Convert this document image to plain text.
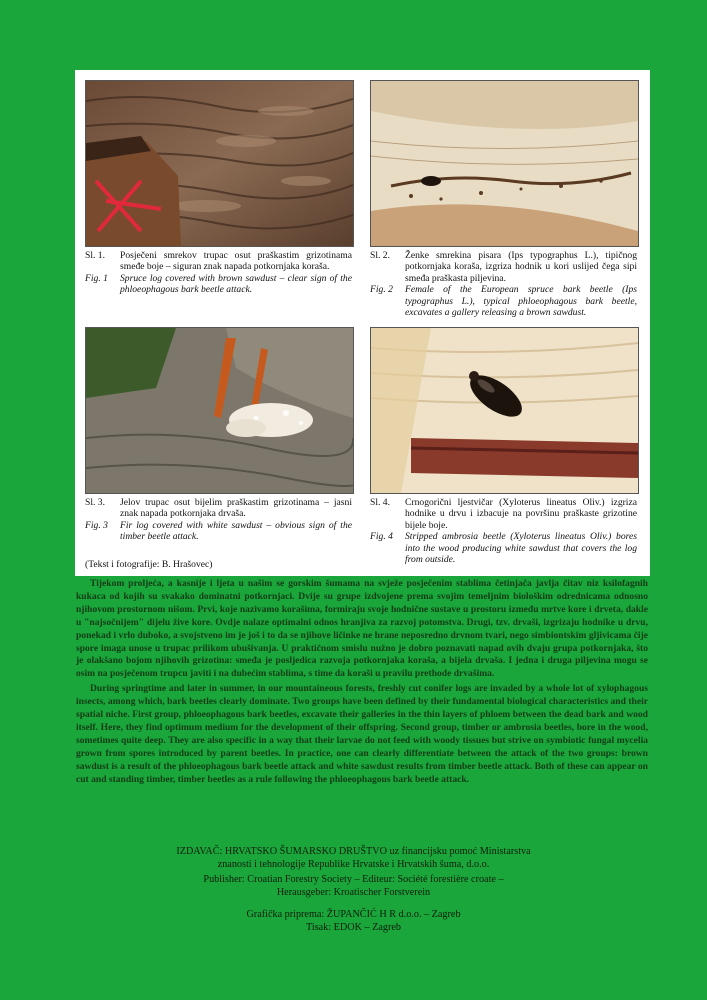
Sl. 1.	Posječeni smrekov trupac osut praškastim grizotinama smeđe boje – siguran znak napada potkornjaka koraša.
Fig. 1	Spruce log covered with brown sawdust – clear sign of the phloeophagous bark beetle attack.
Sl. 2.	Ženke smrekina pisara (Ips typographus L.), tipičnog potkornjaka koraša, izgriza hodnik u kori uslijed čega sipi smeđa praškasta piljevina.
Fig. 2	Female of the European spruce bark beetle (Ips typographus L.), typical phloeophagous bark beetle, excavates a gallery releasing a brown sawdust.
Sl. 3.	Jelov trupac osut bijelim praškastim grizotinama – jasni znak napada potkornjaka drvaša.
Fig. 3	Fir log covered with white sawdust – obvious sign of the timber beetle attack.
Sl. 4.	Crnogorični ljestvičar (Xyloterus lineatus Oliv.) izgriza hodnike u drvu i izbacuje na površinu praškaste grizotine bijele boje.
Fig. 4	Stripped ambrosia beetle (Xyloterus lineatus Oliv.) bores into the wood producing white sawdust that covers the log from outside.
(Tekst i fotografije: B. Hrašovec)

Tijekom proljeća, a kasnije i ljeta u našim se gorskim šumama na svježe posječenim stablima četinjača javlja čitav niz ksilofagnih kukaca od kojih su svakako dominatni potkornjaci. Dvije su grupe izdvojene prema svojim temeljnim biološkim odrednicama odnosno njihovom prostornom nišom. Prvi, koje nazivamo korašima, formiraju svoje hodnične sustave u prostoru između mrtve kore i drveta, dakle u "najsočnijem" dijelu žive kore. Ovdje nalaze optimalni odnos hranjiva za razvoj potomstva. Drugi, tzv. drvaši, izgrizaju hodnike u drvu, ponekad i vrlo duboko, a svojstveno im je još i to da se njihove ličinke ne hrane neposredno drvnom tvari, nego simbiontskim gljivicama čije spore imaga unose u trupac prilikom ubušivanja. U praktičnom smislu nužno je dobro poznavati napad ovih dvaju grupa potkornjaka, što je olakšano bojom njihovih grizotina: smeđa je posljedica razvoja potkornjaka koraša, a bijela drvaša. I jedna i druga piljevina mogu se osim na posječenom trupcu javiti i na dubećim stablima, s time da koraši u pravilu prethode drvašima.

During springtime and later in summer, in our mountaineous forests, freshly cut conifer logs are invaded by a whole lot of xylophagous insects, among which, bark beetles clearly dominate. Two groups have been defined by their fundamental biological characteristics and their spatial niche. First group, phloeophagous bark beetles, excavate their galleries in the thin layers of phloem between the dead bark and wood itself. Here, they find optimum medium for the development of their offspring. Second group, timber or ambrosia beetles, bore in the wood, sometimes quite deep. They are also specific in a way that their larvae do not feed with woody tissues but strive on symbiotic fungal mycelia grown from spores introduced by parent beetles. In practice, one can clearly differentiate between the attack of the two groups: brown sawdust is a result of the phloeophagous bark beetle attack and white sawdust results from timber beetle attack. Both of these can appear on cut and standing timber, timber beetles as a rule following the phloeophagous bark beetle attack.

IZDAVAČ: HRVATSKO ŠUMARSKO DRUŠTVO uz financijsku pomoć Ministarstva
znanosti i tehnologije Republike Hrvatske i Hrvatskih šuma, d.o.o.
Publisher: Croatian Forestry Society – Editeur: Société forestière croate –
Herausgeber: Kroatischer Forstverein
Grafička priprema: ŽUPANČIĆ H R d.o.o. – Zagreb
Tisak: EDOK – Zagreb
